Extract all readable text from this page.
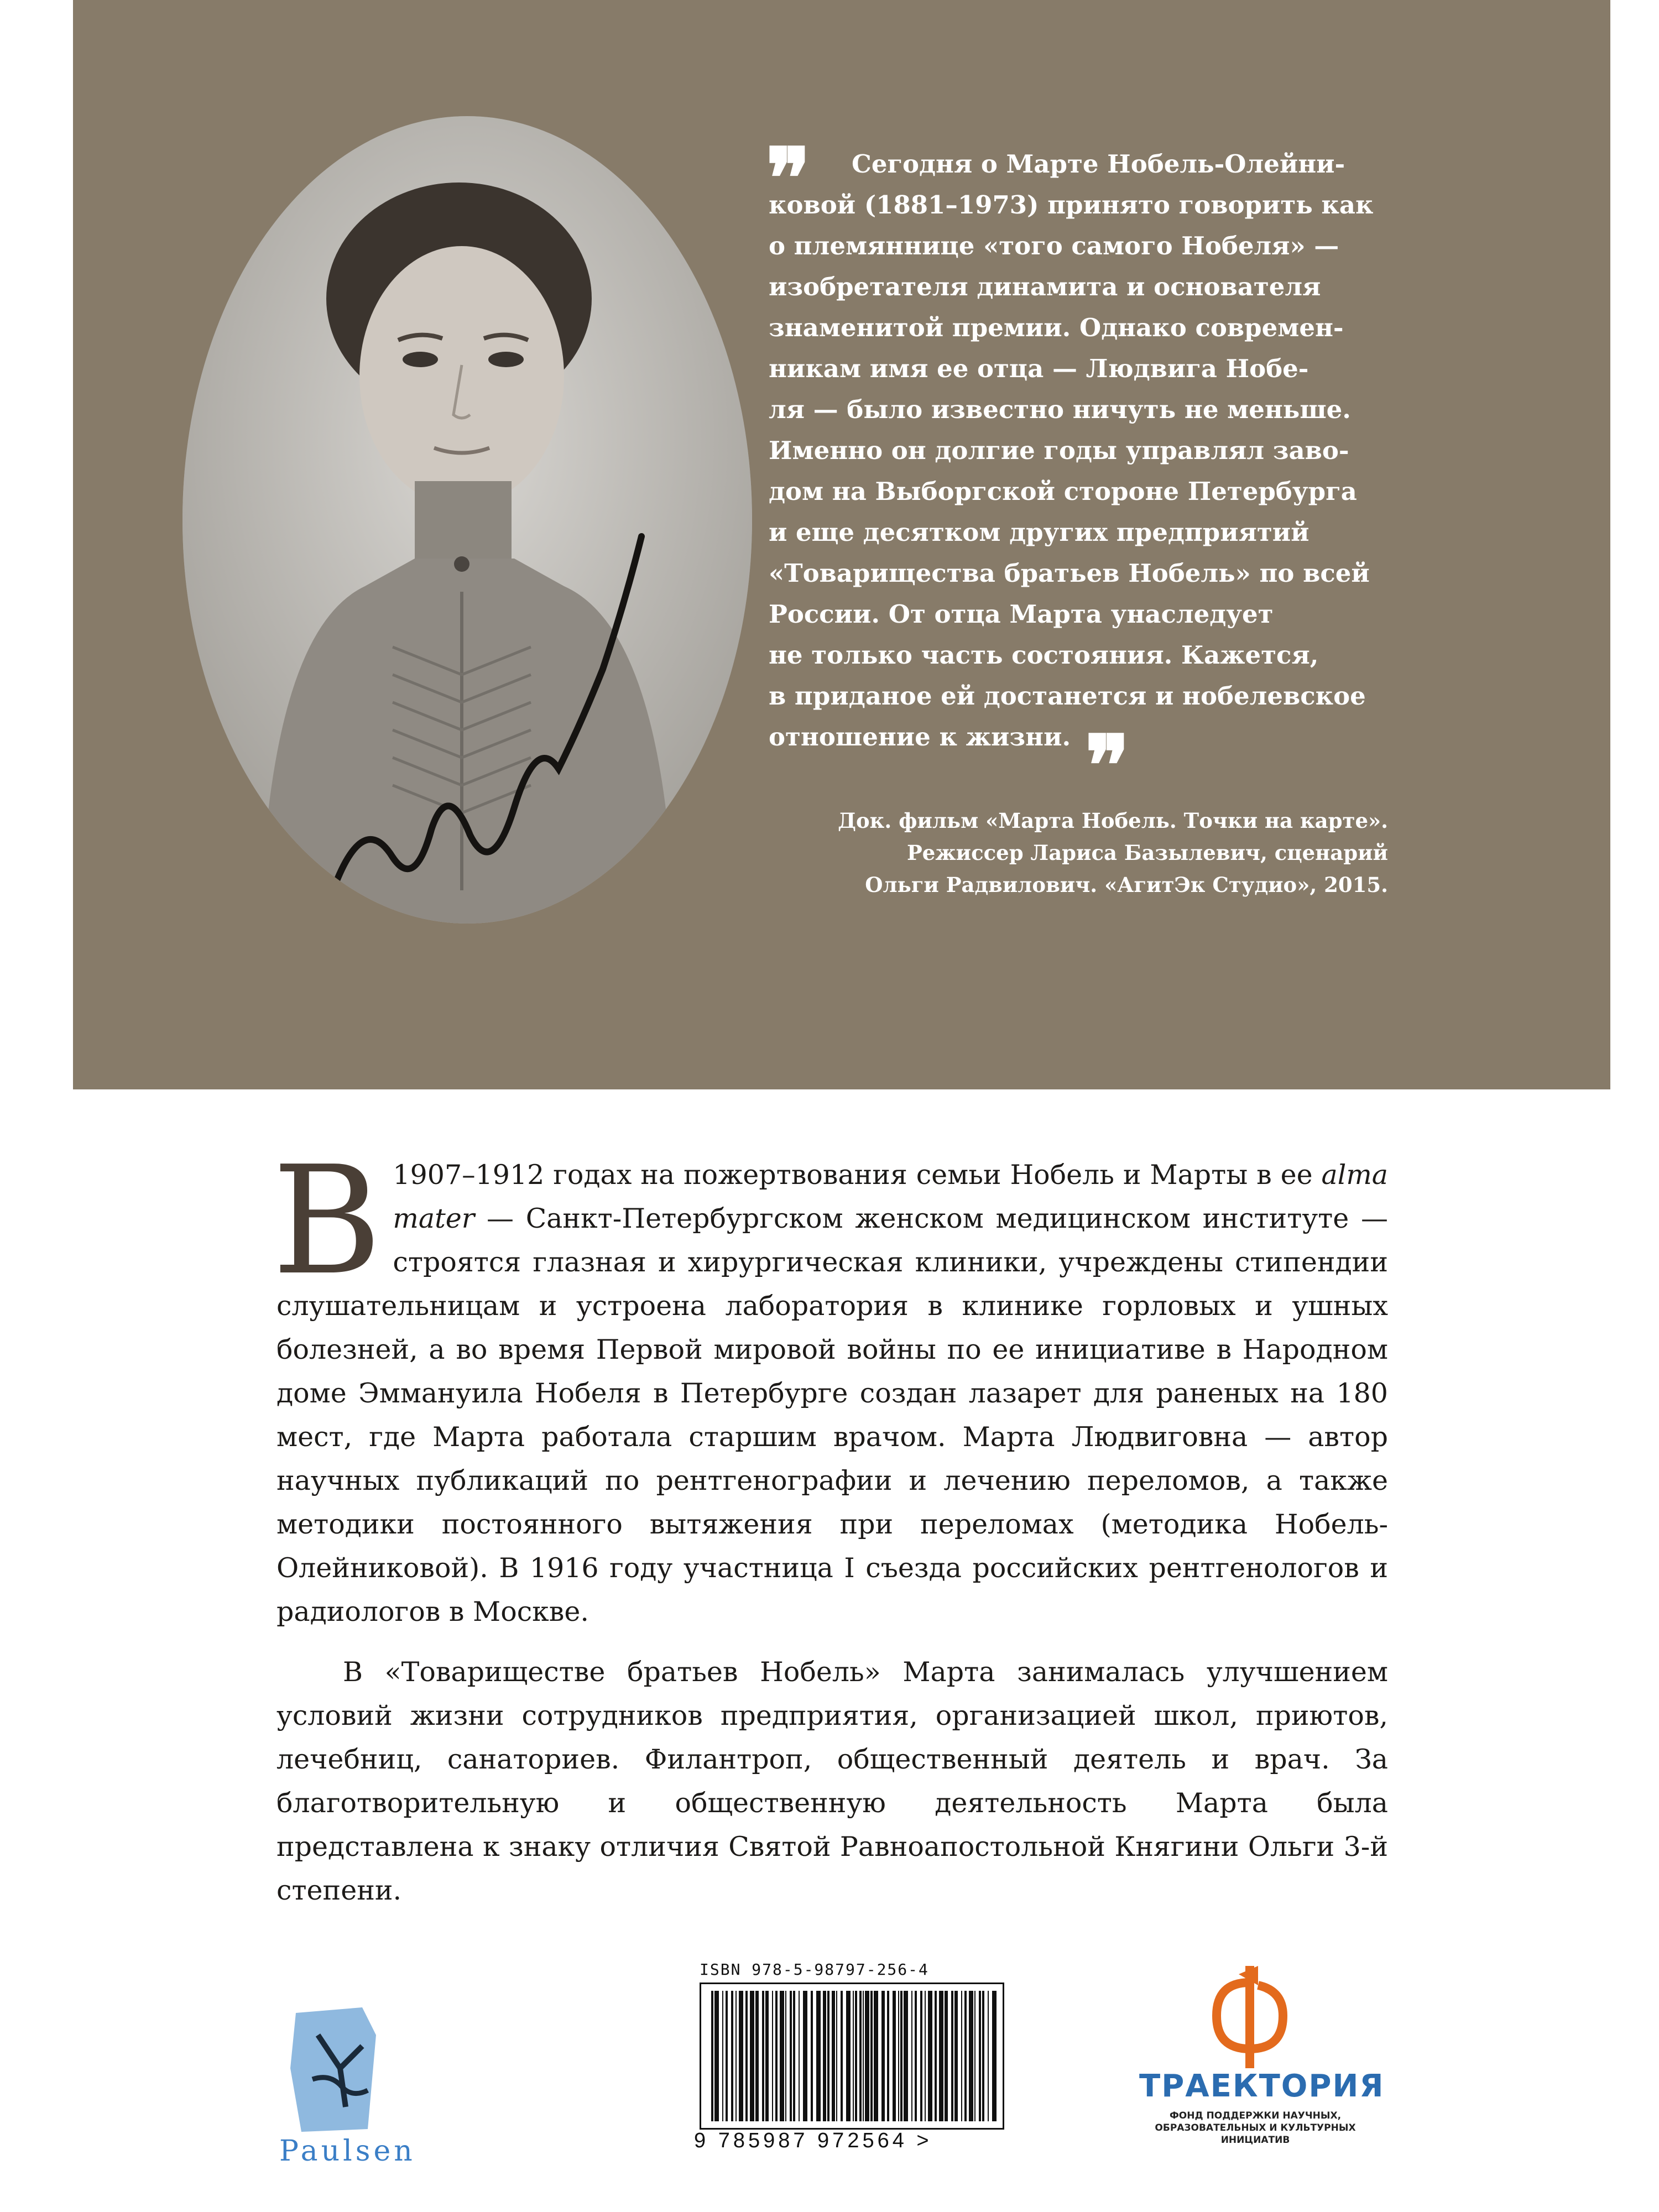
❞	Сегодня о Марте Нобель-Олейни-
ковой (1881–1973) принято говорить как
о племяннице «того самого Нобеля» —
изобретателя динамита и основателя
знаменитой премии. Однако современ-
никам имя ее отца — Людвига Нобе-
ля — было известно ничуть не меньше.
Именно он долгие годы управлял заво-
дом на Выборгской стороне Петербурга
и еще десятком других предприятий
«Товарищества братьев Нобель» по всей
России. От отца Марта унаследует
не только часть состояния. Кажется,
в приданое ей достанется и нобелевское
отношение к жизни. ❞
Док. фильм «Марта Нобель. Точки на карте».
Режиссер Лариса Базылевич, сценарий
Ольги Радвилович. «АгитЭк Студио», 2015.

В 1907–1912 годах на пожертвования семьи Нобель и Марты в ее alma mater — Санкт-Петербургском женском медицинском институте — строятся глазная и хирургическая клиники, учреждены стипендии слушательницам и устроена лаборатория в клинике горловых и ушных болезней, а во время Первой мировой войны по ее инициативе в Народном доме Эммануила Нобеля в Петербурге создан лазарет для раненых на 180 мест, где Марта работала старшим врачом. Марта Людвиговна — автор научных публикаций по рентгенографии и лечению переломов, а также методики постоянного вытяжения при переломах (методика Нобель-Олейниковой). В 1916 году участница I съезда российских рентгенологов и радиологов в Москве.

В «Товариществе братьев Нобель» Марта занималась улучшением условий жизни сотрудников предприятия, организацией школ, приютов, лечебниц, санаториев. Филантроп, общественный деятель и врач. За благотворительную и общественную деятельность Марта была представлена к знаку отличия Святой Равноапостольной Княгини Ольги 3-й степени.

ISBN 978-5-98797-256-4
9 785987 972564 >
Paulsen
ТРАЕКТОРИЯ
ФОНД ПОДДЕРЖКИ НАУЧНЫХ,
ОБРАЗОВАТЕЛЬНЫХ И КУЛЬТУРНЫХ
ИНИЦИАТИВ
